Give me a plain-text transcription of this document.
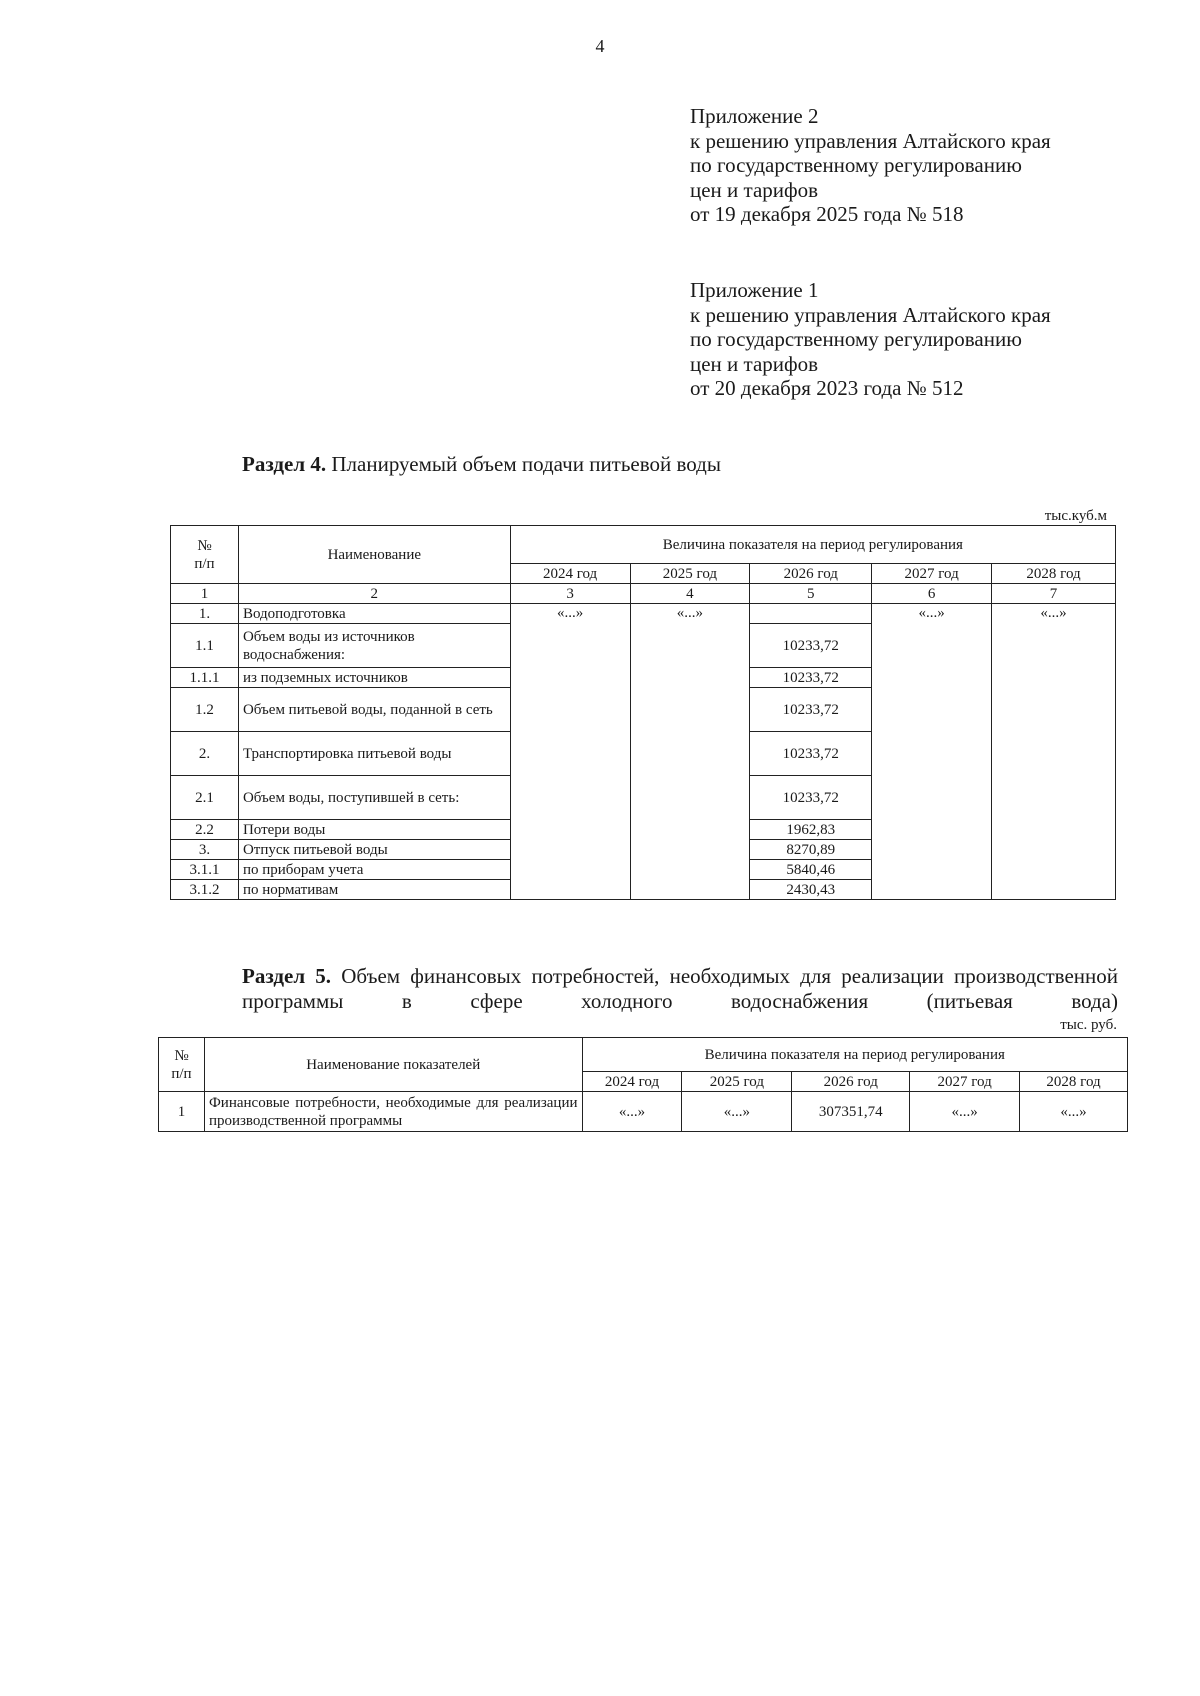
4
Приложение 2
к решению управления Алтайского края
по государственному регулированию
цен и тарифов
от 19 декабря 2025 года № 518
Приложение 1
к решению управления Алтайского края
по государственному регулированию
цен и тарифов
от 20 декабря 2023 года № 512
Раздел 4. Планируемый объем подачи питьевой воды
тыс.куб.м
№
п/п	Наименование	Величина показателя на период регулирования				
		2024 год	2025 год	2026 год	2027 год	2028 год
1	2	3	4	5	6	7
1.	Водоподготовка	«...»	«...»		«...»	«...»
1.1	Объем воды из источников водоснабжения:			10233,72		
1.1.1	из подземных источников			10233,72		
1.2	Объем питьевой воды, поданной в сеть			10233,72		
2.	Транспортировка питьевой воды			10233,72		
2.1	Объем воды, поступившей в сеть:			10233,72		
2.2	Потери воды			1962,83		
3.	Отпуск питьевой воды			8270,89		
3.1.1	по приборам учета			5840,46		
3.1.2	по нормативам			2430,43		
Раздел 5. Объем финансовых потребностей, необходимых для реализации производственной программы в сфере холодного водоснабжения (питьевая вода)
тыс. руб.
№
п/п	Наименование показателей	Величина показателя на период регулирования				
		2024 год	2025 год	2026 год	2027 год	2028 год
1	Финансовые потребности, необходимые для реализации производственной программы	«...»	«...»	307351,74	«...»	«...»
